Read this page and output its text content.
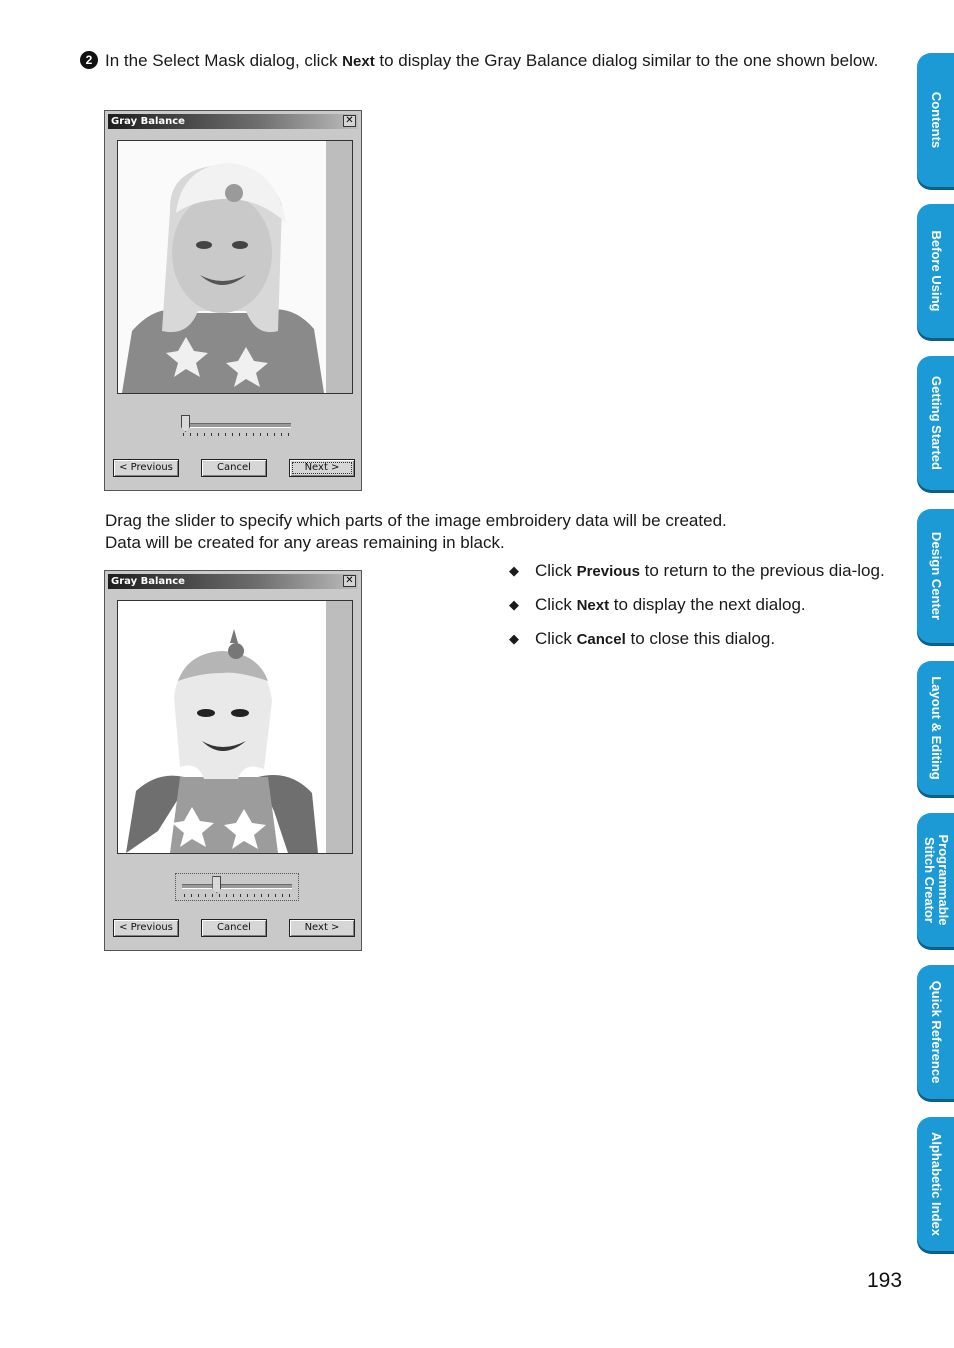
2 In the Select Mask dialog, click Next to display the Gray Balance dialog similar to the one shown below.
Gray Balance	✕
< Previous	Cancel	Next >
Drag the slider to specify which parts of the image embroidery data will be created.
Data will be created for any areas remaining in black.
Gray Balance	✕
< Previous	Cancel	Next >
◆ Click Previous to return to the previous dia-log.
◆ Click Next to display the next dialog.
◆ Click Cancel to close this dialog.
Contents
Before Using
Getting Started
Design Center
Layout & Editing
Programmable
Stitch Creator
Quick Reference
Alphabetic Index
193
